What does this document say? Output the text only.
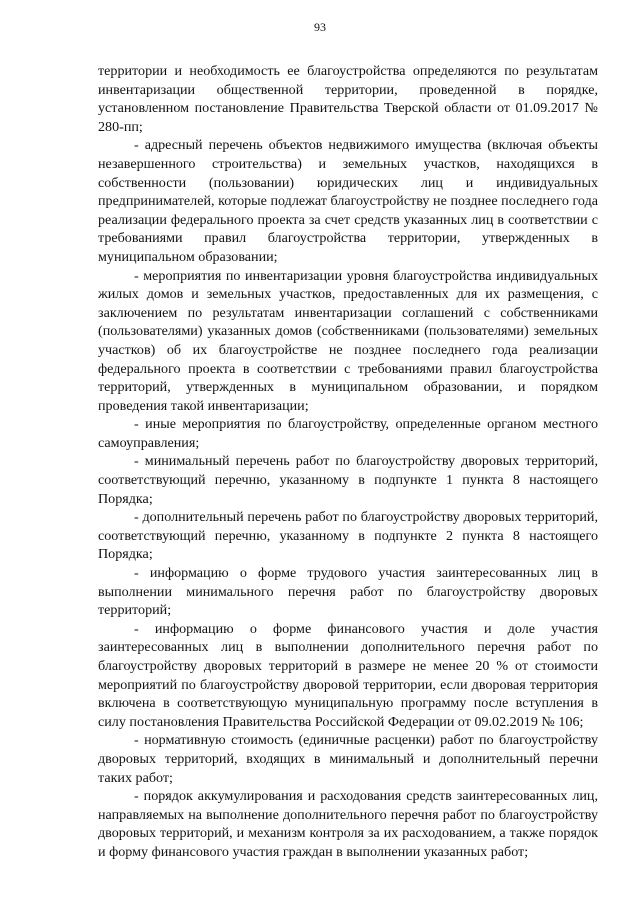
93

территории и необходимость ее благоустройства определяются по результатам инвентаризации общественной территории, проведенной в порядке, установленном постановление Правительства Тверской области от 01.09.2017 № 280-пп;

- адресный перечень объектов недвижимого имущества (включая объекты незавершенного строительства) и земельных участков, находящихся в собственности (пользовании) юридических лиц и индивидуальных предпринимателей, которые подлежат благоустройству не позднее последнего года реализации федерального проекта за счет средств указанных лиц в соответствии с требованиями правил благоустройства территории, утвержденных в муниципальном образовании;

- мероприятия по инвентаризации уровня благоустройства индивидуальных жилых домов и земельных участков, предоставленных для их размещения, с заключением по результатам инвентаризации соглашений с собственниками (пользователями) указанных домов (собственниками (пользователями) земельных участков) об их благоустройстве не позднее последнего года реализации федерального проекта в соответствии с требованиями правил благоустройства территорий, утвержденных в муниципальном образовании, и порядком проведения такой инвентаризации;

- иные мероприятия по благоустройству, определенные органом местного самоуправления;

- минимальный перечень работ по благоустройству дворовых территорий, соответствующий перечню, указанному в подпункте 1 пункта 8 настоящего Порядка;

- дополнительный перечень работ по благоустройству дворовых территорий, соответствующий перечню, указанному в подпункте 2 пункта 8 настоящего Порядка;

- информацию о форме трудового участия заинтересованных лиц в выполнении минимального перечня работ по благоустройству дворовых территорий;

- информацию о форме финансового участия и доле участия заинтересованных лиц в выполнении дополнительного перечня работ по благоустройству дворовых территорий в размере не менее 20 % от стоимости мероприятий по благоустройству дворовой территории, если дворовая территория включена в соответствующую муниципальную программу после вступления в силу постановления Правительства Российской Федерации от 09.02.2019 № 106;

- нормативную стоимость (единичные расценки) работ по благоустройству дворовых территорий, входящих в минимальный и дополнительный перечни таких работ;

- порядок аккумулирования и расходования средств заинтересованных лиц, направляемых на выполнение дополнительного перечня работ по благоустройству дворовых территорий, и механизм контроля за их расходованием, а также порядок и форму финансового участия граждан в выполнении указанных работ;
